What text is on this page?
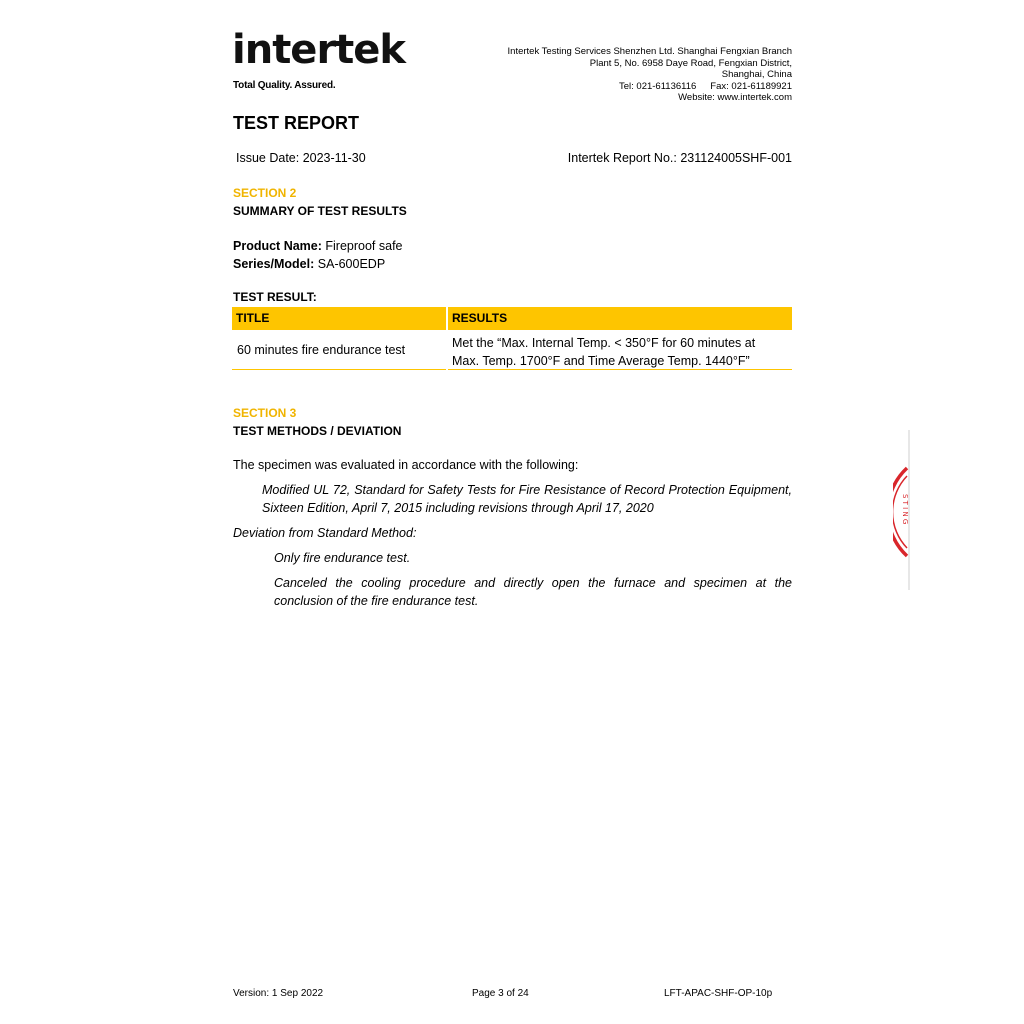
intertek
Total Quality. Assured.
Intertek Testing Services Shenzhen Ltd. Shanghai Fengxian Branch
Plant 5, No. 6958 Daye Road, Fengxian District,
Shanghai, China
Tel: 021-61136116 Fax: 021-61189921
Website: www.intertek.com
TEST REPORT
Issue Date: 2023-11-30	Intertek Report No.: 231124005SHF-001
SECTION 2
SUMMARY OF TEST RESULTS
Product Name: Fireproof safe
Series/Model: SA-600EDP
TEST RESULT:
TITLE	RESULTS
60 minutes fire endurance test	Met the “Max. Internal Temp. < 350°F for 60 minutes at
Max. Temp. 1700°F and Time Average Temp. 1440°F”
SECTION 3
TEST METHODS / DEVIATION
The specimen was evaluated in accordance with the following:
Modified UL 72, Standard for Safety Tests for Fire Resistance of Record Protection Equipment, Sixteen Edition, April 7, 2015 including revisions through April 17, 2020
Deviation from Standard Method:
Only fire endurance test.
Canceled the cooling procedure and directly open the furnace and specimen at the conclusion of the fire endurance test.
S T I N G
Version: 1 Sep 2022	Page 3 of 24	LFT-APAC-SHF-OP-10p
